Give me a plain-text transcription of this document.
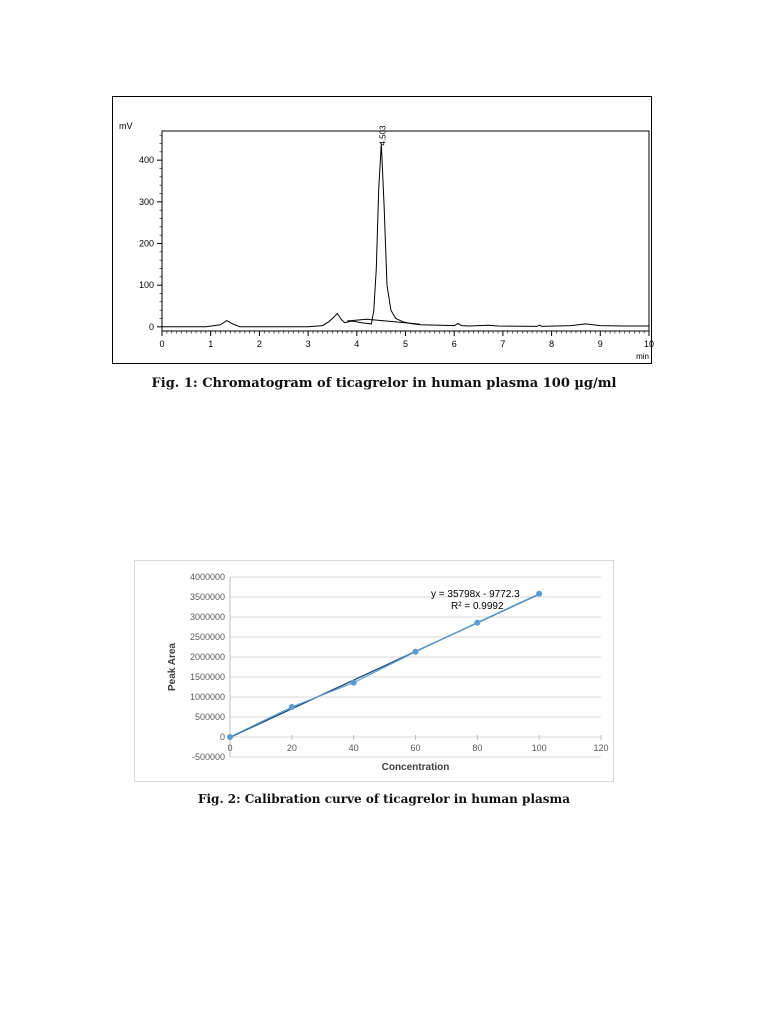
mV
min
0	1	2	3	4	5	6	7	8	9	10
0
100
200
300
400
4.503
Fig. 1: Chromatogram of ticagrelor in human plasma 100 µg/ml
-500000
0
500000
1000000
1500000
2000000
2500000
3000000
3500000
4000000
0	20	40	60	80	100	120
Concentration
Peak Area
y = 35798x - 9772.3
R² = 0.9992
Fig. 2: Calibration curve of ticagrelor in human plasma
